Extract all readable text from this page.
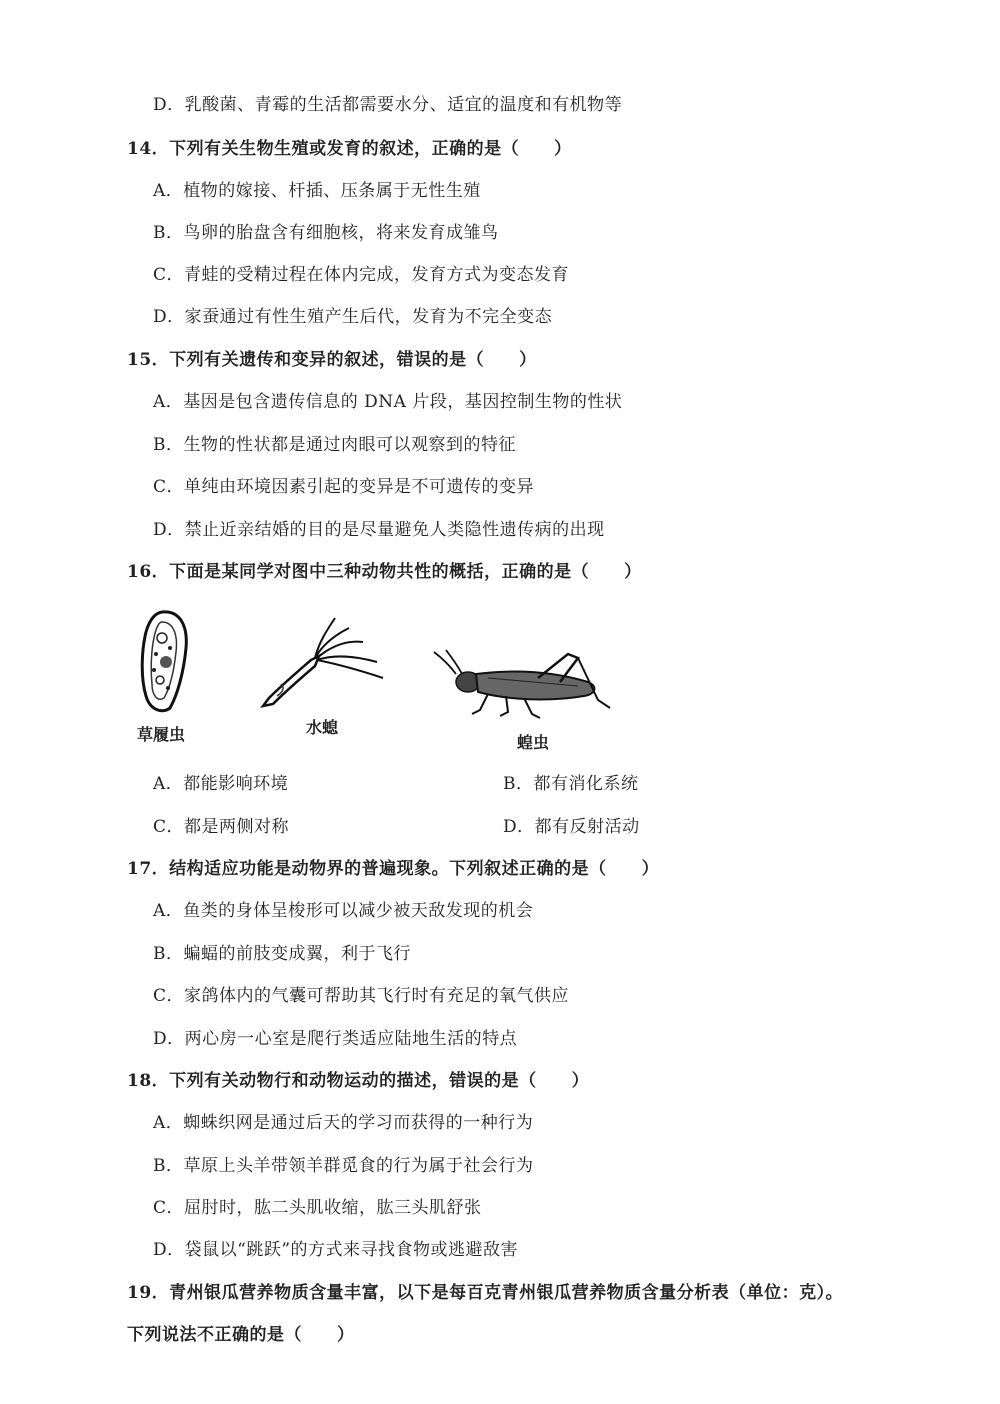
D．乳酸菌、青霉的生活都需要水分、适宜的温度和有机物等
14．下列有关生物生殖或发育的叙述，正确的是（　　）
A．植物的嫁接、杆插、压条属于无性生殖
B．鸟卵的胎盘含有细胞核，将来发育成雏鸟
C．青蛙的受精过程在体内完成，发育方式为变态发育
D．家蚕通过有性生殖产生后代，发育为不完全变态
15．下列有关遗传和变异的叙述，错误的是（　　）
A．基因是包含遗传信息的 DNA 片段，基因控制生物的性状
B．生物的性状都是通过肉眼可以观察到的特征
C．单纯由环境因素引起的变异是不可遗传的变异
D．禁止近亲结婚的目的是尽量避免人类隐性遗传病的出现
16．下面是某同学对图中三种动物共性的概括，正确的是（　　）
草履虫	水螅
蝗虫
A．都能影响环境	B．都有消化系统
C．都是两侧对称	D．都有反射活动
17．结构适应功能是动物界的普遍现象。下列叙述正确的是（　　）
A．鱼类的身体呈梭形可以减少被天敌发现的机会
B．蝙蝠的前肢变成翼，利于飞行
C．家鸽体内的气囊可帮助其飞行时有充足的氧气供应
D．两心房一心室是爬行类适应陆地生活的特点
18．下列有关动物行和动物运动的描述，错误的是（　　）
A．蜘蛛织网是通过后天的学习而获得的一种行为
B．草原上头羊带领羊群觅食的行为属于社会行为
C．屈肘时，肱二头肌收缩，肱三头肌舒张
D．袋鼠以“跳跃”的方式来寻找食物或逃避敌害
19．青州银瓜营养物质含量丰富，以下是每百克青州银瓜营养物质含量分析表（单位：克）。
下列说法不正确的是（　　）
